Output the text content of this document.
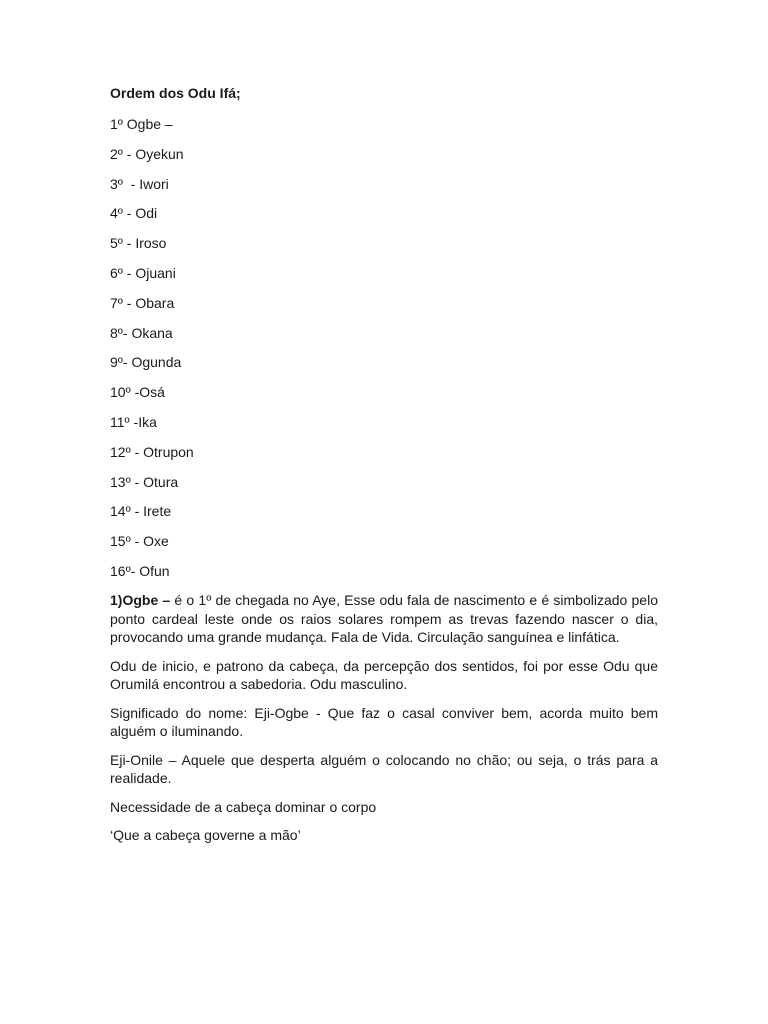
Ordem dos Odu Ifá;
1º Ogbe –
2º - Oyekun
3º  - Iwori
4º - Odi
5º - Iroso
6º - Ojuani
7º - Obara
8º- Okana
9º- Ogunda
10º -Osá
11º -Ika
12º - Otrupon
13º - Otura
14º - Irete
15º - Oxe
16º- Ofun

1)Ogbe – é o 1º de chegada no Aye, Esse odu fala de nascimento e é simbolizado pelo ponto cardeal leste onde os raios solares rompem as trevas fazendo nascer o dia, provocando uma grande mudança. Fala de Vida. Circulação sanguínea e linfática.

Odu de inicio, e patrono da cabeça, da percepção dos sentidos, foi por esse Odu que Orumilá encontrou a sabedoria. Odu masculino.

Significado do nome: Eji-Ogbe - Que faz o casal conviver bem, acorda muito bem alguém o iluminando.

Eji-Onile – Aquele que desperta alguém o colocando no chão; ou seja, o trás para a realidade.

Necessidade de a cabeça dominar o corpo

‘Que a cabeça governe a mão’
